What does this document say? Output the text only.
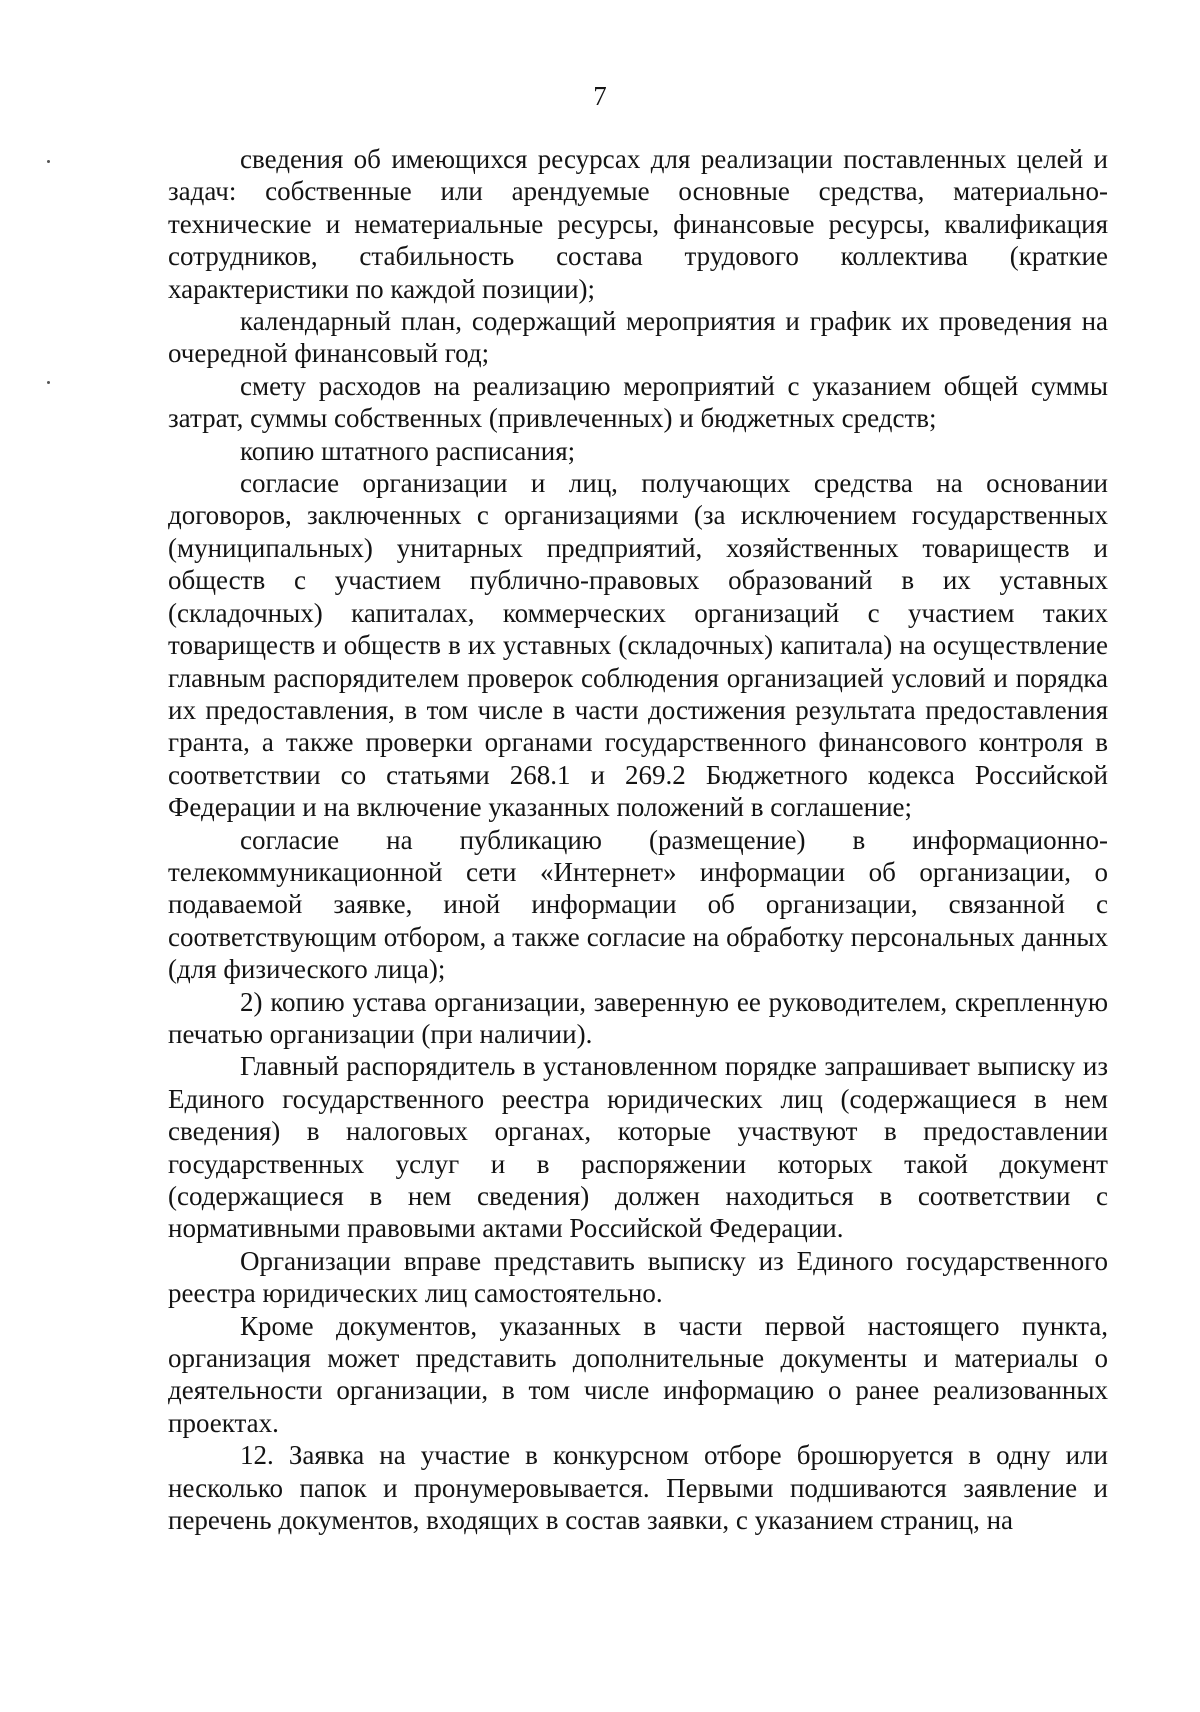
7

сведения об имеющихся ресурсах для реализации поставленных целей и задач: собственные или арендуемые основные средства, материально-технические и нематериальные ресурсы, финансовые ресурсы, квалификация сотрудников, стабильность состава трудового коллектива (краткие характеристики по каждой позиции);

календарный план, содержащий мероприятия и график их проведения на очередной финансовый год;

смету расходов на реализацию мероприятий с указанием общей суммы затрат, суммы собственных (привлеченных) и бюджетных средств;

копию штатного расписания;

согласие организации и лиц, получающих средства на основании договоров, заключенных с организациями (за исключением государственных (муниципальных) унитарных предприятий, хозяйственных товариществ и обществ с участием публично-правовых образований в их уставных (складочных) капиталах, коммерческих организаций с участием таких товариществ и обществ в их уставных (складочных) капитала) на осуществление главным распорядителем проверок соблюдения организацией условий и порядка их предоставления, в том числе в части достижения результата предоставления гранта, а также проверки органами государственного финансового контроля в соответствии со статьями 268.1 и 269.2 Бюджетного кодекса Российской Федерации и на включение указанных положений в соглашение;

согласие на публикацию (размещение) в информационно-телекоммуникационной сети «Интернет» информации об организации, о подаваемой заявке, иной информации об организации, связанной с соответствующим отбором, а также согласие на обработку персональных данных (для физического лица);

2) копию устава организации, заверенную ее руководителем, скрепленную печатью организации (при наличии).

Главный распорядитель в установленном порядке запрашивает выписку из Единого государственного реестра юридических лиц (содержащиеся в нем сведения) в налоговых органах, которые участвуют в предоставлении государственных услуг и в распоряжении которых такой документ (содержащиеся в нем сведения) должен находиться в соответствии с нормативными правовыми актами Российской Федерации.

Организации вправе представить выписку из Единого государственного реестра юридических лиц самостоятельно.

Кроме документов, указанных в части первой настоящего пункта, организация может представить дополнительные документы и материалы о деятельности организации, в том числе информацию о ранее реализованных проектах.

12. Заявка на участие в конкурсном отборе брошюруется в одну или несколько папок и пронумеровывается. Первыми подшиваются заявление и перечень документов, входящих в состав заявки, с указанием страниц, на
